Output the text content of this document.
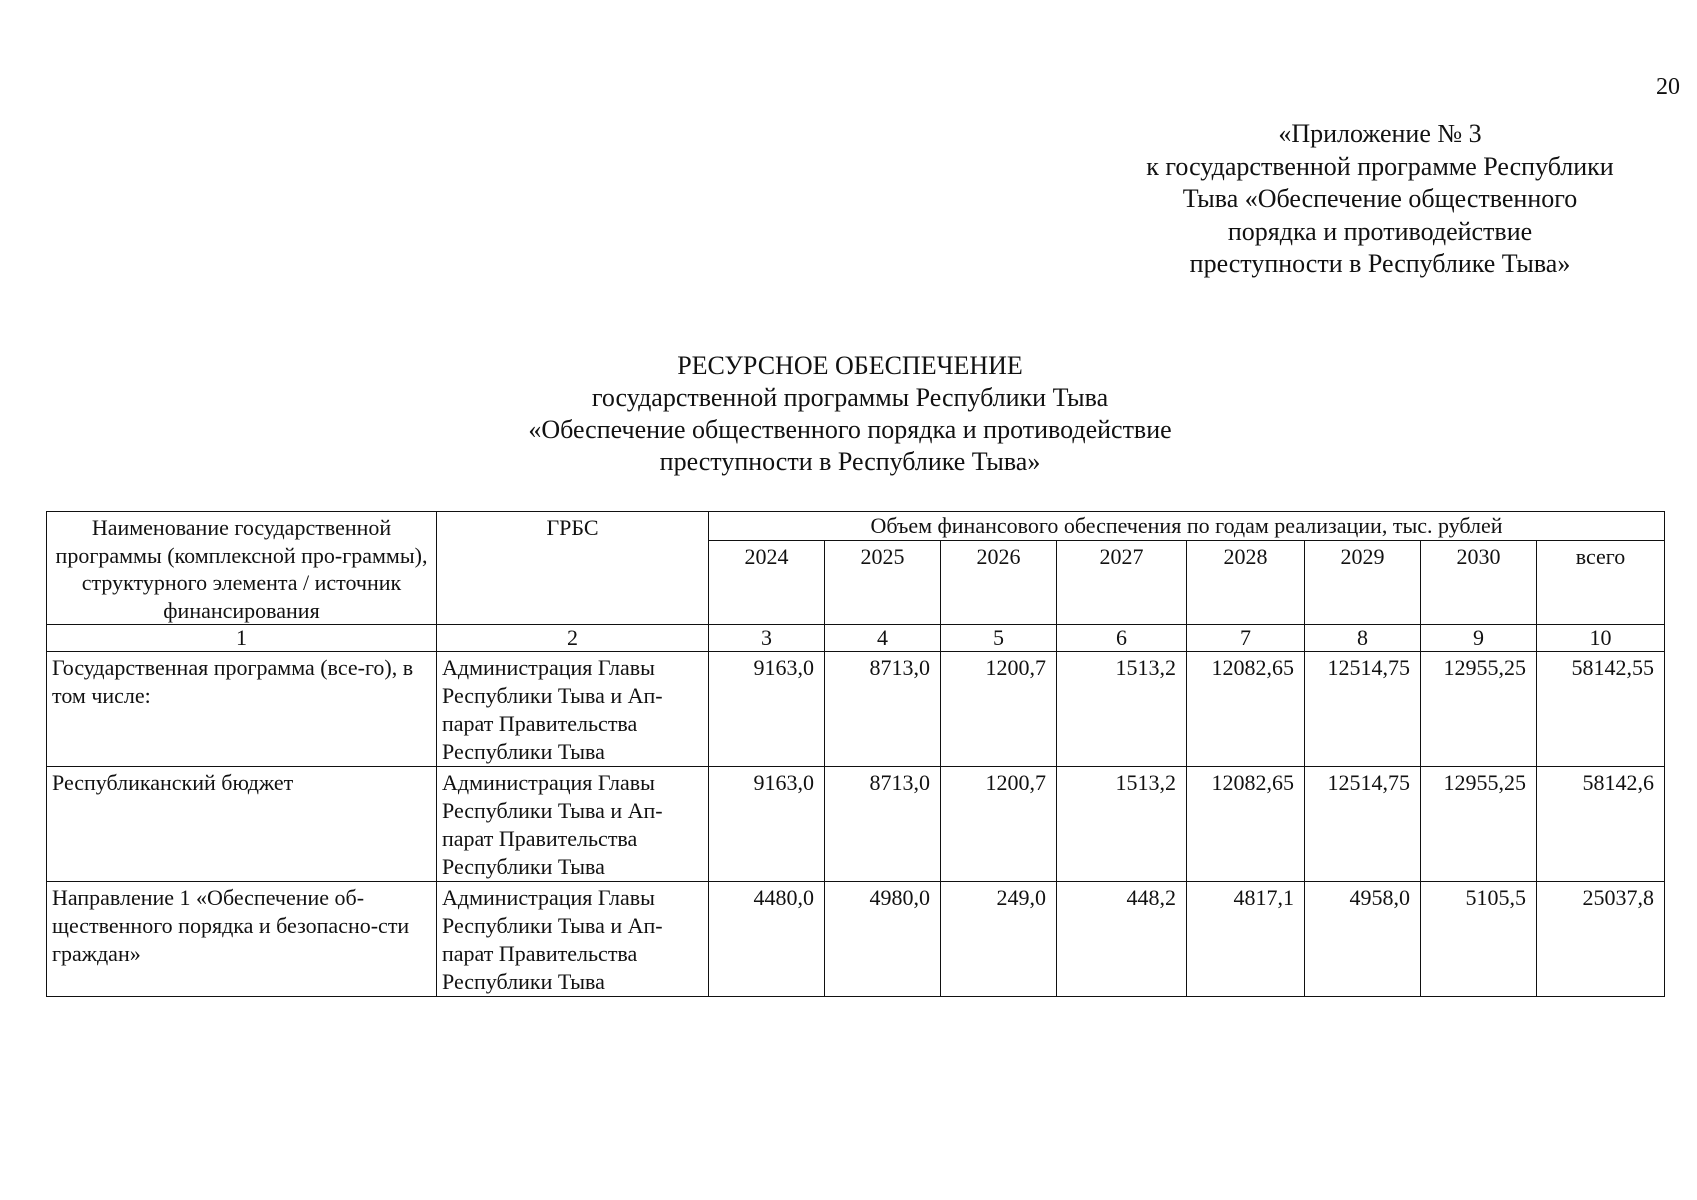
20
«Приложение № 3
к государственной программе Республики
Тыва «Обеспечение общественного
порядка и противодействие
преступности в Республике Тыва»
РЕСУРСНОЕ ОБЕСПЕЧЕНИЕ
государственной программы Республики Тыва
«Обеспечение общественного порядка и противодействие
преступности в Республике Тыва»
Наименование государственной программы (комплексной про-граммы), структурного элемента / источник финансирования	ГРБС	Объем финансового обеспечения по годам реализации, тыс. рублей							
		2024	2025	2026	2027	2028	2029	2030	всего
1	2	3	4	5	6	7	8	9	10
Государственная программа (все-го), в том числе:	Администрация Главы Республики Тыва и Ап-парат Правительства Республики Тыва	9163,0	8713,0	1200,7	1513,2	12082,65	12514,75	12955,25	58142,55
Республиканский бюджет	Администрация Главы Республики Тыва и Ап-парат Правительства Республики Тыва	9163,0	8713,0	1200,7	1513,2	12082,65	12514,75	12955,25	58142,6
Направление 1 «Обеспечение об-щественного порядка и безопасно-сти граждан»	Администрация Главы Республики Тыва и Ап-парат Правительства Республики Тыва	4480,0	4980,0	249,0	448,2	4817,1	4958,0	5105,5	25037,8
